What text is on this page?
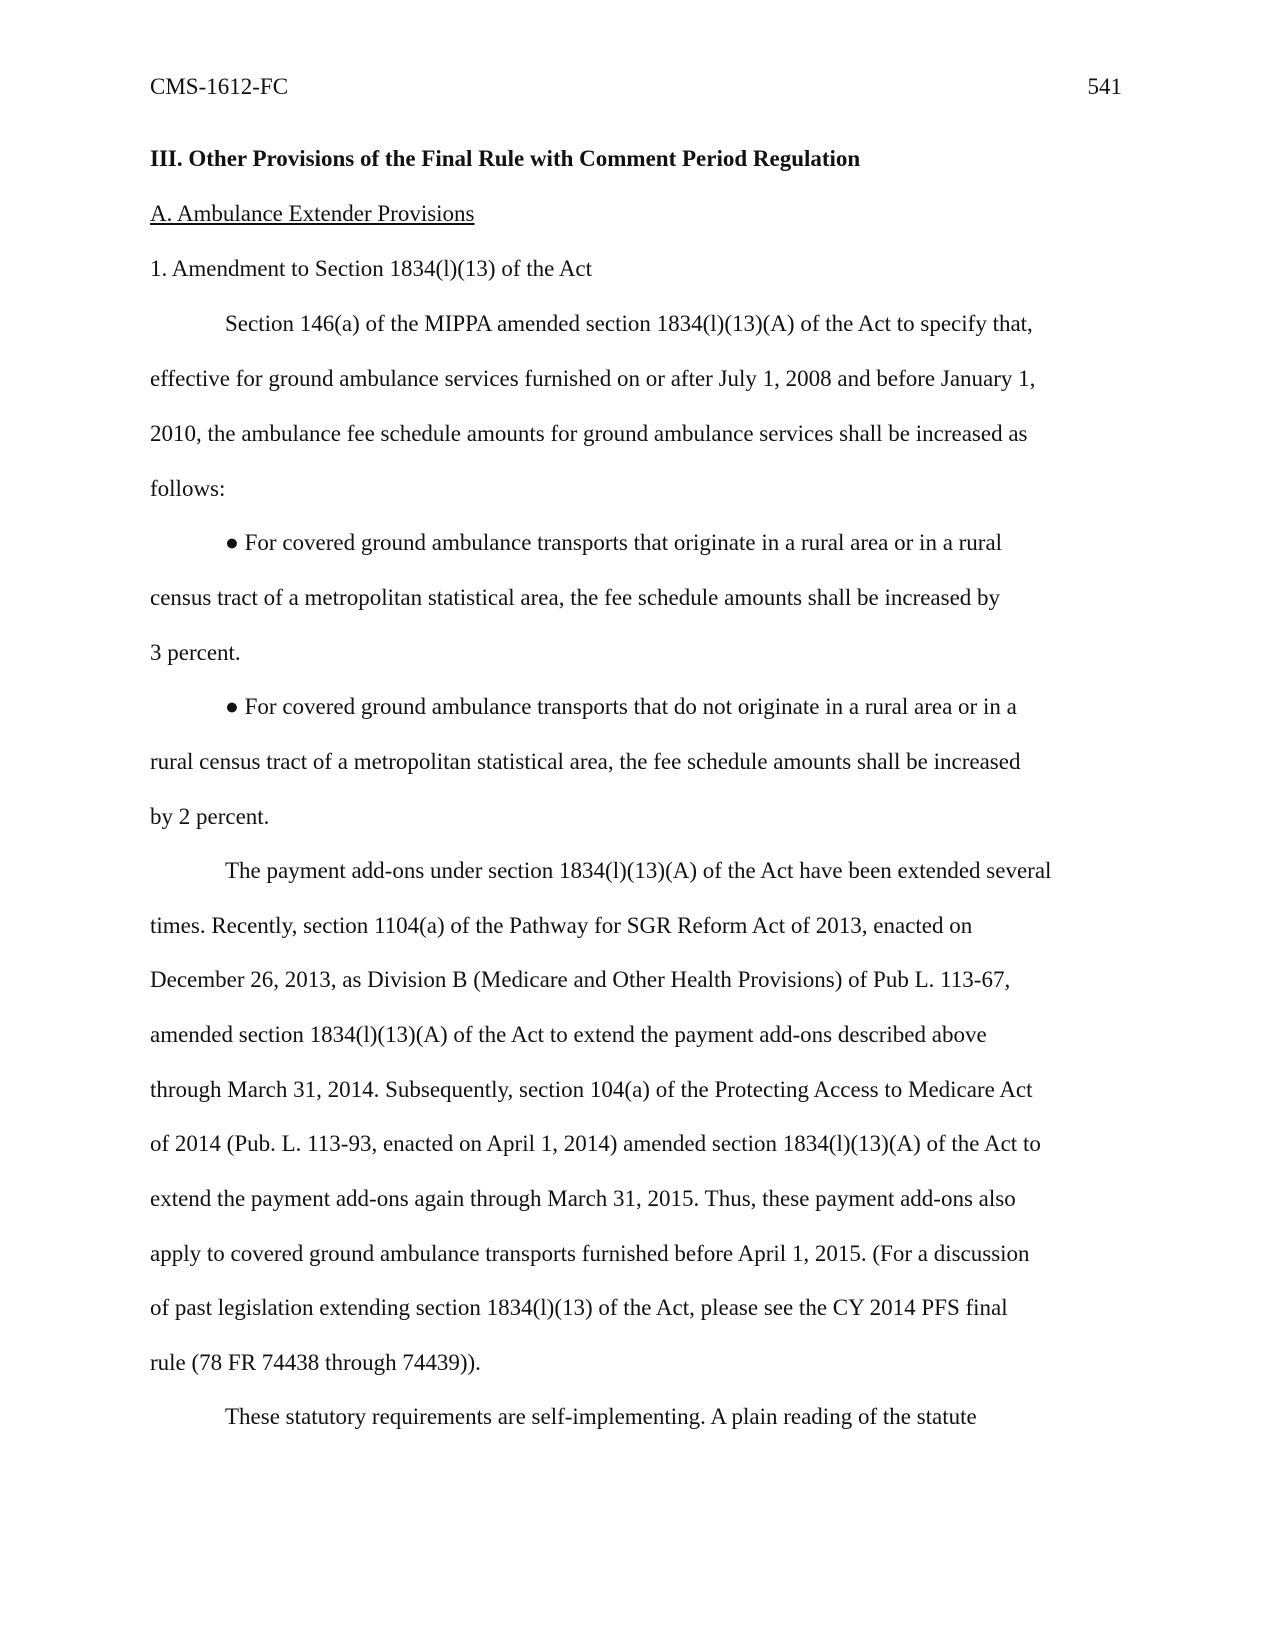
CMS-1612-FC	541
III. Other Provisions of the Final Rule with Comment Period Regulation
A. Ambulance Extender Provisions
1. Amendment to Section 1834(l)(13) of the Act
Section 146(a) of the MIPPA amended section 1834(l)(13)(A) of the Act to specify that,
effective for ground ambulance services furnished on or after July 1, 2008 and before January 1,
2010, the ambulance fee schedule amounts for ground ambulance services shall be increased as
follows:
● For covered ground ambulance transports that originate in a rural area or in a rural
census tract of a metropolitan statistical area, the fee schedule amounts shall be increased by
3 percent.
● For covered ground ambulance transports that do not originate in a rural area or in a
rural census tract of a metropolitan statistical area, the fee schedule amounts shall be increased
by 2 percent.
The payment add-ons under section 1834(l)(13)(A) of the Act have been extended several
times. Recently, section 1104(a) of the Pathway for SGR Reform Act of 2013, enacted on
December 26, 2013, as Division B (Medicare and Other Health Provisions) of Pub L. 113-67,
amended section 1834(l)(13)(A) of the Act to extend the payment add-ons described above
through March 31, 2014. Subsequently, section 104(a) of the Protecting Access to Medicare Act
of 2014 (Pub. L. 113-93, enacted on April 1, 2014) amended section 1834(l)(13)(A) of the Act to
extend the payment add-ons again through March 31, 2015. Thus, these payment add-ons also
apply to covered ground ambulance transports furnished before April 1, 2015. (For a discussion
of past legislation extending section 1834(l)(13) of the Act, please see the CY 2014 PFS final
rule (78 FR 74438 through 74439)).
These statutory requirements are self-implementing. A plain reading of the statute
